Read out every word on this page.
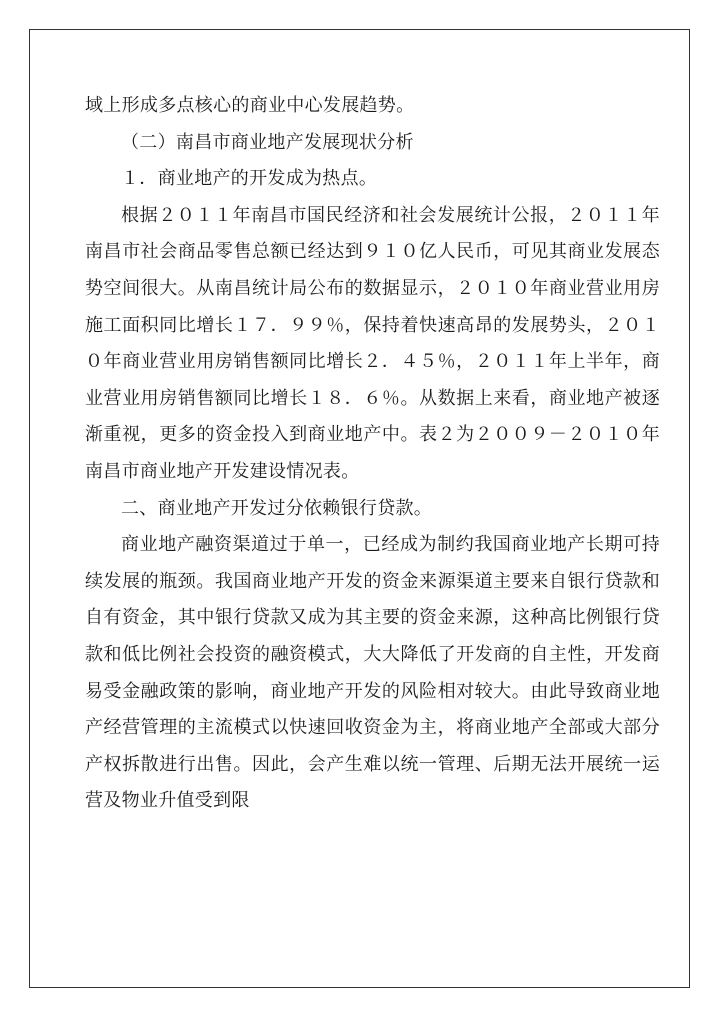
域上形成多点核心的商业中心发展趋势。

（二）南昌市商业地产发展现状分析

１．商业地产的开发成为热点。

根据２０１１年南昌市国民经济和社会发展统计公报，２０１１年南昌市社会商品零售总额已经达到９１０亿人民币，可见其商业发展态势空间很大。从南昌统计局公布的数据显示，２０１０年商业营业用房施工面积同比增长１７．９９％，保持着快速高昂的发展势头，２０１０年商业营业用房销售额同比增长２．４５％，２０１１年上半年，商业营业用房销售额同比增长１８．６％。从数据上来看，商业地产被逐渐重视，更多的资金投入到商业地产中。表２为２００９－２０１０年南昌市商业地产开发建设情况表。

二、商业地产开发过分依赖银行贷款。

商业地产融资渠道过于单一，已经成为制约我国商业地产长期可持续发展的瓶颈。我国商业地产开发的资金来源渠道主要来自银行贷款和自有资金，其中银行贷款又成为其主要的资金来源，这种高比例银行贷款和低比例社会投资的融资模式，大大降低了开发商的自主性，开发商易受金融政策的影响，商业地产开发的风险相对较大。由此导致商业地产经营管理的主流模式以快速回收资金为主，将商业地产全部或大部分产权拆散进行出售。因此，会产生难以统一管理、后期无法开展统一运营及物业升值受到限
